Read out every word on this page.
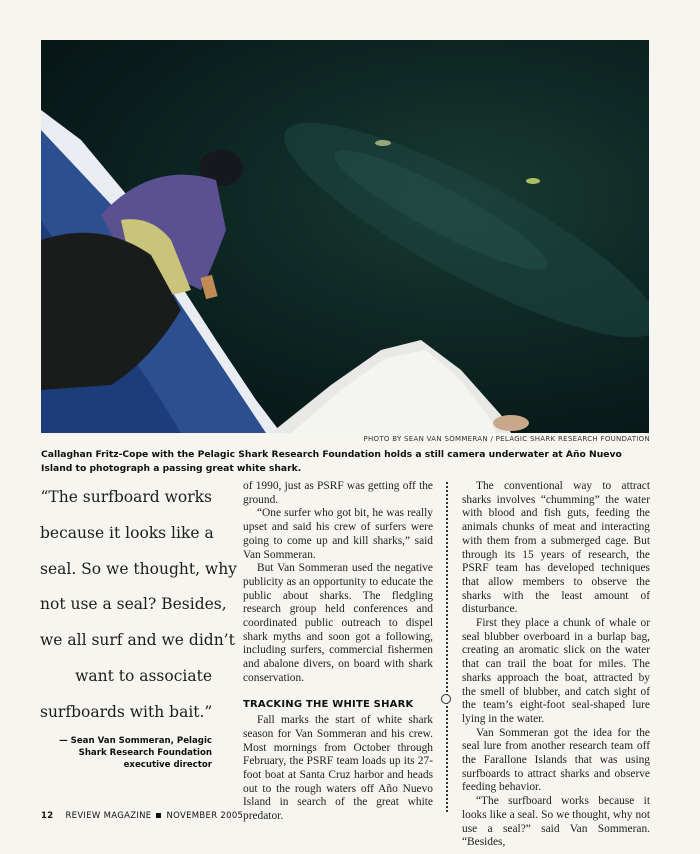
PHOTO BY SEAN VAN SOMMERAN / PELAGIC SHARK RESEARCH FOUNDATION
Callaghan Fritz-Cope with the Pelagic Shark Research Foundation holds a still camera underwater at Año Nuevo Island to photograph a passing great white shark.
“The surfboard works
because it looks like a
seal. So we thought, why
not use a seal? Besides,
we all surf and we didn’t
want to associate
surfboards with bait.”
— Sean Van Sommeran, Pelagic Shark Research Foundation executive director

of 1990, just as PSRF was getting off the ground.

“One surfer who got bit, he was really upset and said his crew of surfers were going to come up and kill sharks,” said Van Sommeran.

But Van Sommeran used the negative publicity as an opportunity to educate the public about sharks. The fledgling research group held conferences and coordinated public outreach to dispel shark myths and soon got a following, including surfers, commercial fishermen and abalone divers, on board with shark conservation.

TRACKING THE WHITE SHARK

Fall marks the start of white shark season for Van Sommeran and his crew. Most mornings from October through February, the PSRF team loads up its 27-foot boat at Santa Cruz harbor and heads out to the rough waters off Año Nuevo Island in search of the great white predator.

The conventional way to attract sharks involves “chumming” the water with blood and fish guts, feeding the animals chunks of meat and interacting with them from a submerged cage. But through its 15 years of research, the PSRF team has developed techniques that allow members to observe the sharks with the least amount of disturbance.

First they place a chunk of whale or seal blubber overboard in a burlap bag, creating an aromatic slick on the water that can trail the boat for miles. The sharks approach the boat, attracted by the smell of blubber, and catch sight of the team’s eight-foot seal-shaped lure lying in the water.

Van Sommeran got the idea for the seal lure from another research team off the Farallone Islands that was using surfboards to attract sharks and observe feeding behavior.

“The surfboard works because it looks like a seal. So we thought, why not use a seal?” said Van Sommeran. “Besides,

12 REVIEW MAGAZINE NOVEMBER 2005
